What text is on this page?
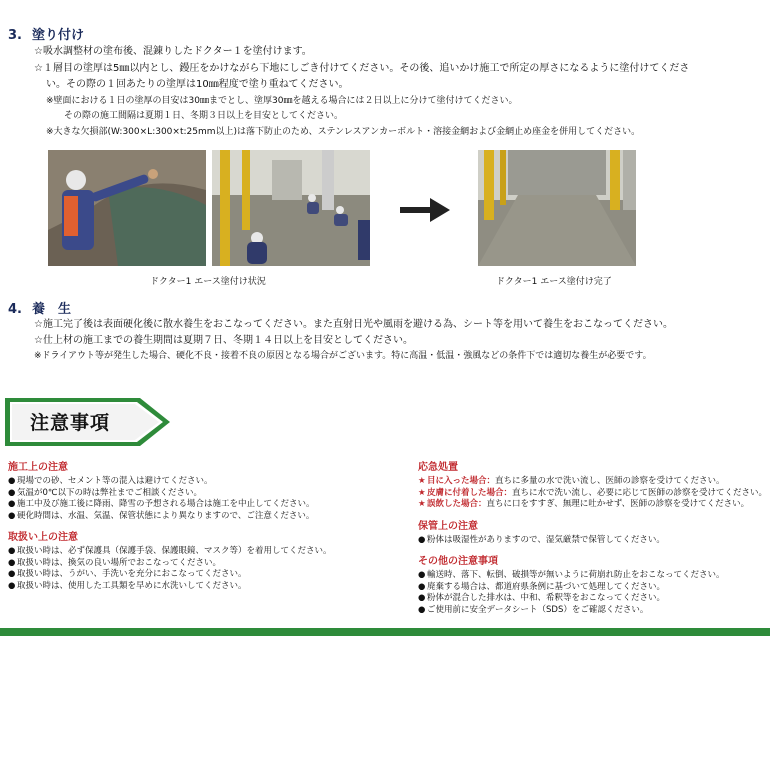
3. 塗り付け
☆吸水調整材の塗布後、混錬りしたドクター１を塗付けます。
☆１層目の塗厚は5㎜以内とし、鏝圧をかけながら下地にしごき付けてください。その後、追いかけ施工で所定の厚さになるように塗付けてくださ
い。その際の１回あたりの塗厚は10㎜程度で塗り重ねてください。
※壁面における１日の塗厚の目安は30㎜までとし、塗厚30㎜を越える場合には２日以上に分けて塗付けてください。
その際の施工間隔は夏期１日、冬期３日以上を目安としてください。
※大きな欠損部(W:300×L:300×t:25mm以上)は落下防止のため、ステンレスアンカーボルト・溶接金網および金網止め座金を併用してください。
ドクター1 エース塗付け状況	ドクター1 エース塗付け完了
4. 養　生
☆施工完了後は表面硬化後に散水養生をおこなってください。また直射日光や風雨を避ける為、シート等を用いて養生をおこなってください。
☆仕上材の施工までの養生期間は夏期７日、冬期１４日以上を目安としてください。
※ドライアウト等が発生した場合、硬化不良・接着不良の原因となる場合がございます。特に高温・低温・強風などの条件下では適切な養生が必要です。
注意事項
施工上の注意
● 現場での砂、セメント等の混入は避けてください。
● 気温が0℃以下の時は弊社までご相談ください。
● 施工中及び施工後に降雨、降雪の予想される場合は施工を中止してください。
● 硬化時間は、水温、気温、保管状態により異なりますので、ご注意ください。
取扱い上の注意
● 取扱い時は、必ず保護具（保護手袋、保護眼鏡、マスク等）を着用してください。
● 取扱い時は、換気の良い場所でおこなってください。
● 取扱い時は、うがい、手洗いを充分におこなってください。
● 取扱い時は、使用した工具類を早めに水洗いしてください。
応急処置
★目に入った場合：直ちに多量の水で洗い流し、医師の診察を受けてください。
★皮膚に付着した場合：直ちに水で洗い流し、必要に応じて医師の診察を受けてください。
★誤飲した場合：直ちに口をすすぎ、無理に吐かせず、医師の診察を受けてください。
保管上の注意
● 粉体は吸湿性がありますので、湿気厳禁で保管してください。
その他の注意事項
● 輸送時、落下、転倒、破損等が無いように荷崩れ防止をおこなってください。
● 廃棄する場合は、都道府県条例に基づいて処理してください。
● 粉体が混合した排水は、中和、希釈等をおこなってください。
● ご使用前に安全データシート（SDS）をご確認ください。
